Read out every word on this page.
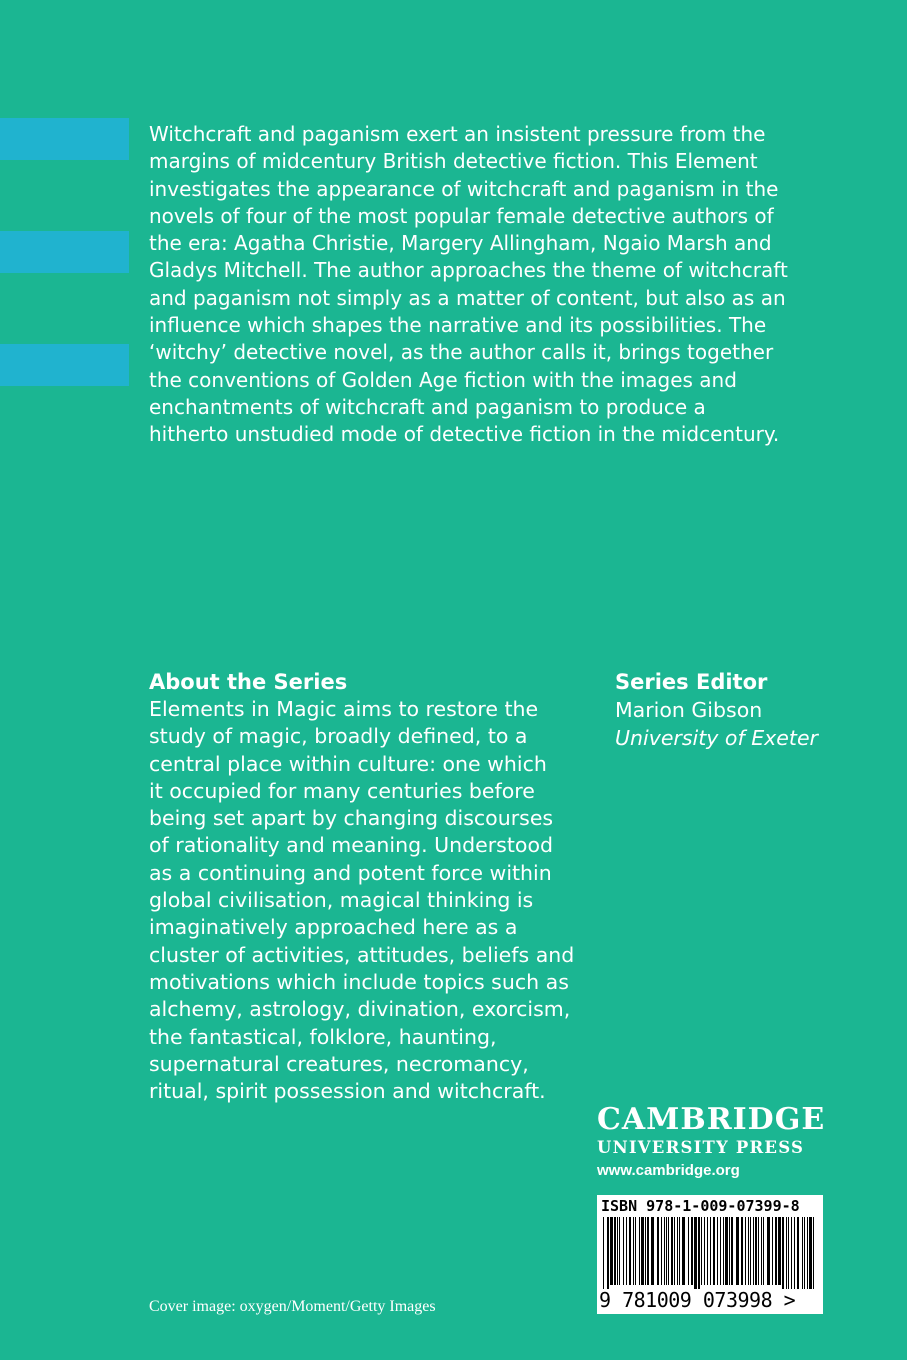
Witchcraft and paganism exert an insistent pressure from the
margins of midcentury British detective fiction. This Element
investigates the appearance of witchcraft and paganism in the
novels of four of the most popular female detective authors of
the era: Agatha Christie, Margery Allingham, Ngaio Marsh and
Gladys Mitchell. The author approaches the theme of witchcraft
and paganism not simply as a matter of content, but also as an
influence which shapes the narrative and its possibilities. The
‘witchy’ detective novel, as the author calls it, brings together
the conventions of Golden Age fiction with the images and
enchantments of witchcraft and paganism to produce a
hitherto unstudied mode of detective fiction in the midcentury.

About the Series
Elements in Magic aims to restore the
study of magic, broadly defined, to a
central place within culture: one which
it occupied for many centuries before
being set apart by changing discourses
of rationality and meaning. Understood
as a continuing and potent force within
global civilisation, magical thinking is
imaginatively approached here as a
cluster of activities, attitudes, beliefs and
motivations which include topics such as
alchemy, astrology, divination, exorcism,
the fantastical, folklore, haunting,
supernatural creatures, necromancy,
ritual, spirit possession and witchcraft.
Series Editor
Marion Gibson
University of Exeter
CAMBRIDGE
UNIVERSITY PRESS
www.cambridge.org
ISBN 978-1-009-07399-8
9 781009 073998 >
Cover image: oxygen/Moment/Getty Images
